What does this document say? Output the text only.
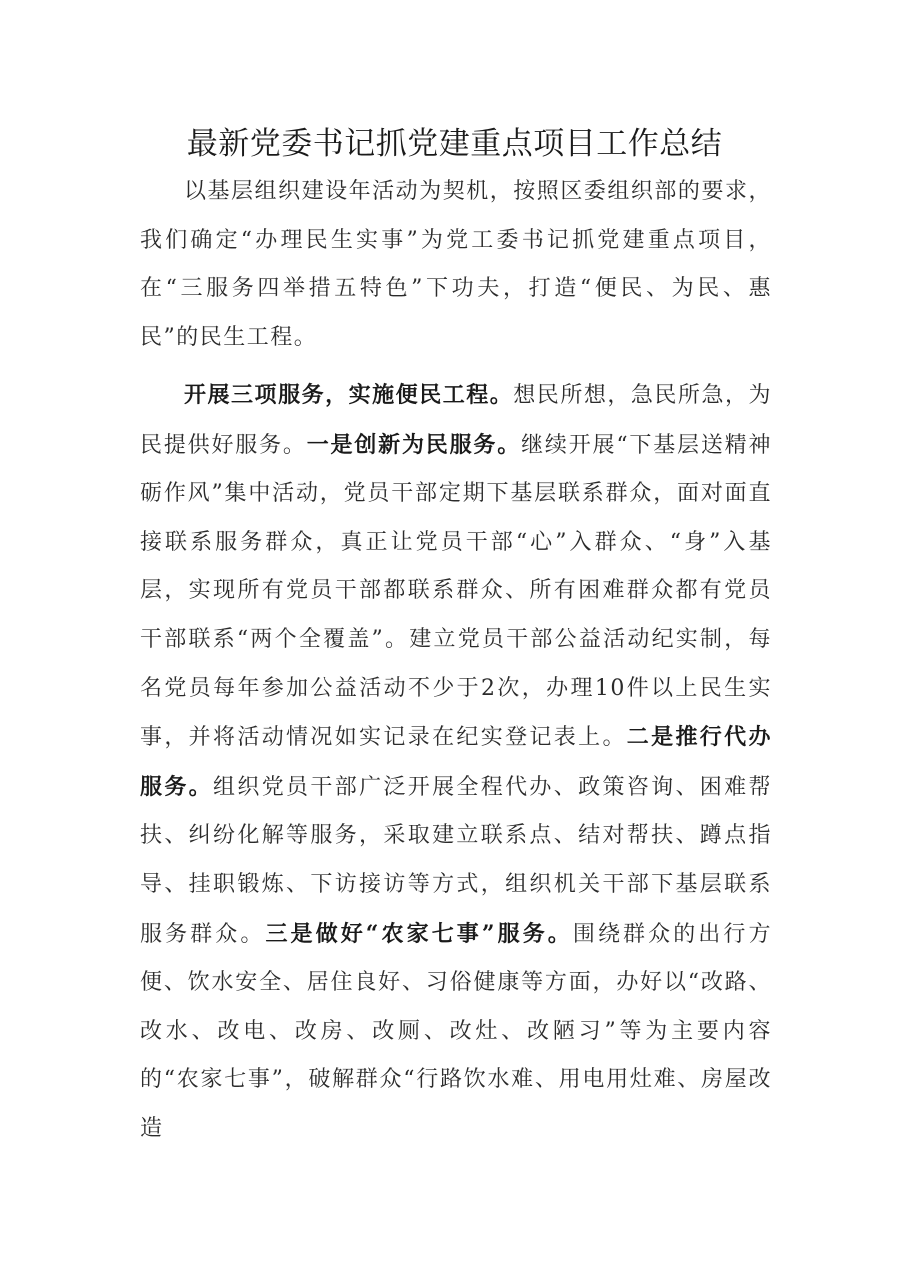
最新党委书记抓党建重点项目工作总结

以基层组织建设年活动为契机，按照区委组织部的要求，我们确定“办理民生实事”为党工委书记抓党建重点项目，在“三服务四举措五特色”下功夫，打造“便民、为民、惠民”的民生工程。

开展三项服务，实施便民工程。想民所想，急民所急，为民提供好服务。一是创新为民服务。继续开展“下基层送精神砺作风”集中活动，党员干部定期下基层联系群众，面对面直接联系服务群众，真正让党员干部“心”入群众、“身”入基层，实现所有党员干部都联系群众、所有困难群众都有党员干部联系“两个全覆盖”。建立党员干部公益活动纪实制，每名党员每年参加公益活动不少于2次，办理10件以上民生实事，并将活动情况如实记录在纪实登记表上。二是推行代办服务。组织党员干部广泛开展全程代办、政策咨询、困难帮扶、纠纷化解等服务，采取建立联系点、结对帮扶、蹲点指导、挂职锻炼、下访接访等方式，组织机关干部下基层联系服务群众。三是做好“农家七事”服务。围绕群众的出行方便、饮水安全、居住良好、习俗健康等方面，办好以“改路、改水、改电、改房、改厕、改灶、改陋习”等为主要内容的“农家七事”，破解群众“行路饮水难、用电用灶难、房屋改造
